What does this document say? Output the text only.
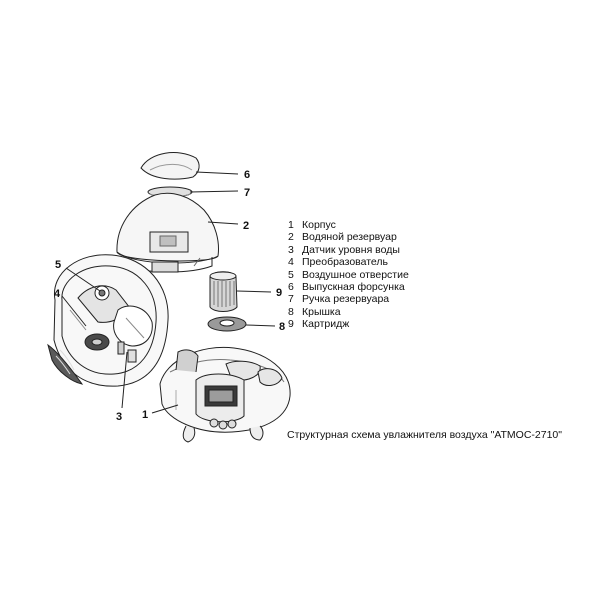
6
7
2
9
8
5
4
3 1
1 Корпус
2 Водяной резервуар
3 Датчик уровня воды
4 Преобразователь
5 Воздушное отверстие
6 Выпускная форсунка
7 Ручка резервуара
8 Крышка
9 Картридж
Структурная схема увлажнителя воздуха "АТМОС-2710"
